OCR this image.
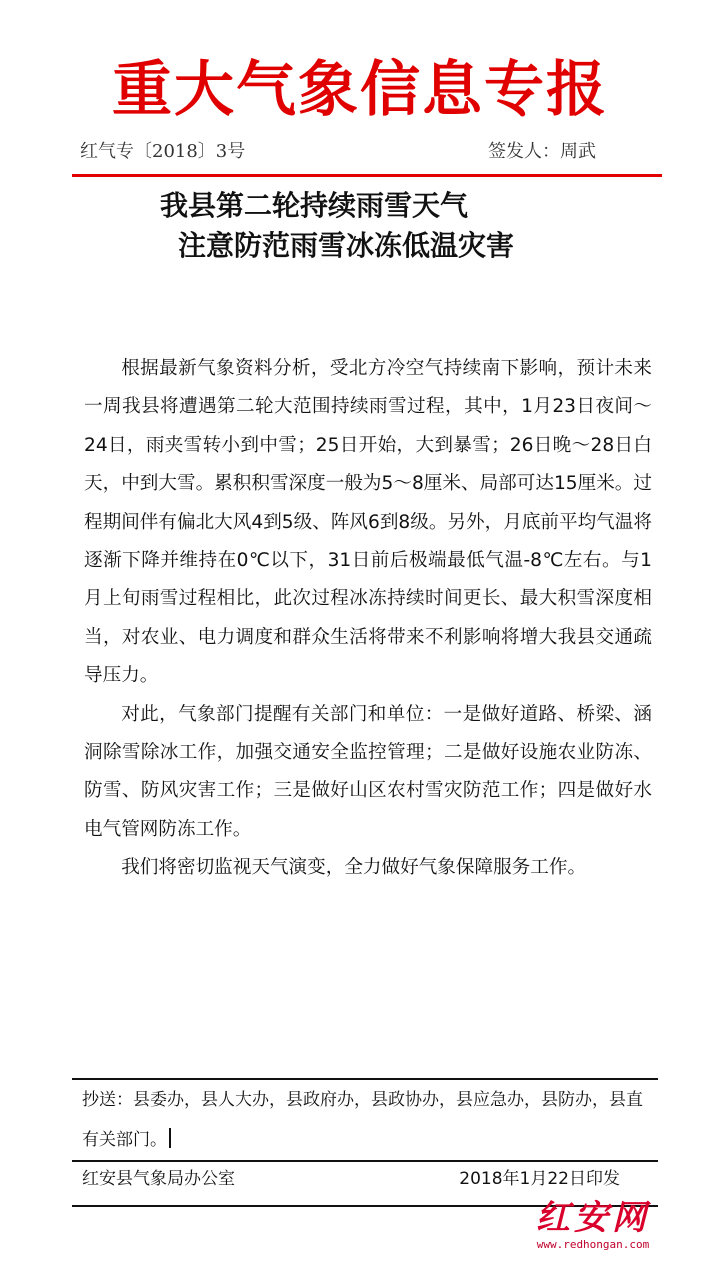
重大气象信息专报
红气专〔2018〕3号	签发人：周武
我县第二轮持续雨雪天气
注意防范雨雪冰冻低温灾害

根据最新气象资料分析，受北方冷空气持续南下影响，预计未来一周我县将遭遇第二轮大范围持续雨雪过程，其中，1月23日夜间～24日，雨夹雪转小到中雪；25日开始，大到暴雪；26日晚～28日白天，中到大雪。累积积雪深度一般为5～8厘米、局部可达15厘米。过程期间伴有偏北大风4到5级、阵风6到8级。另外，月底前平均气温将逐渐下降并维持在0℃以下，31日前后极端最低气温-8℃左右。与1月上旬雨雪过程相比，此次过程冰冻持续时间更长、最大积雪深度相当，对农业、电力调度和群众生活将带来不利影响将增大我县交通疏导压力。

对此，气象部门提醒有关部门和单位：一是做好道路、桥梁、涵洞除雪除冰工作，加强交通安全监控管理；二是做好设施农业防冻、防雪、防风灾害工作；三是做好山区农村雪灾防范工作；四是做好水电气管网防冻工作。

我们将密切监视天气演变，全力做好气象保障服务工作。

抄送：县委办，县人大办，县政府办，县政协办，县应急办，县防办，县直有关部门。
红安县气象局办公室	2018年1月22日印发
红安网
www.redhongan.com
